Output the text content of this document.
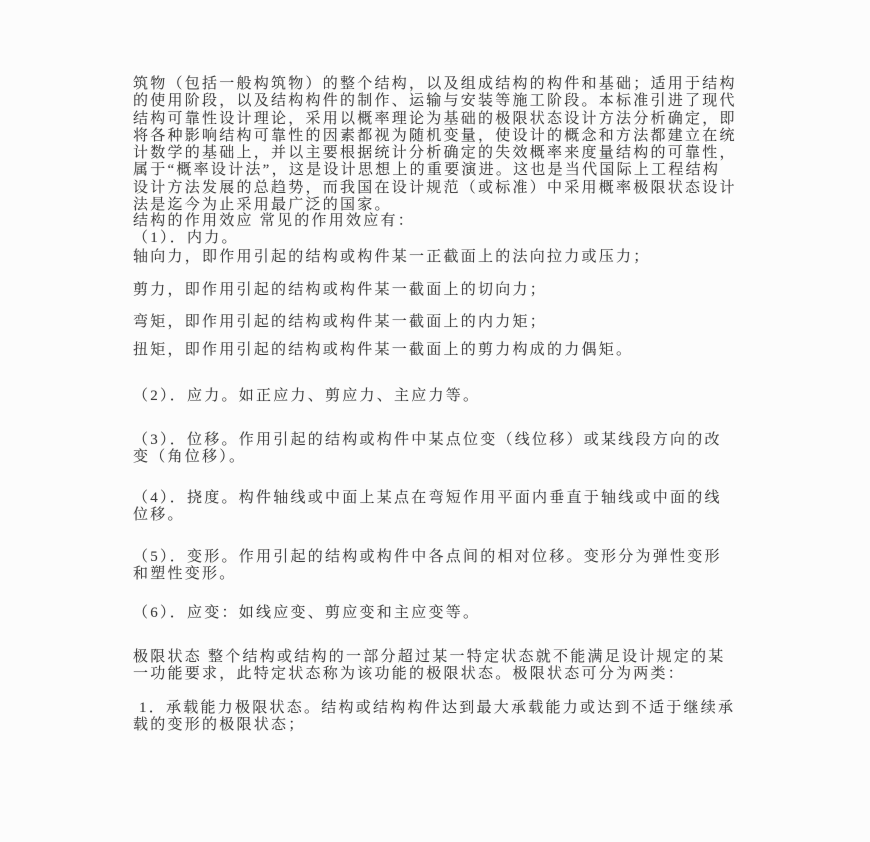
筑物（包括一般构筑物）的整个结构，以及组成结构的构件和基础；适用于结构
的使用阶段，以及结构构件的制作、运输与安装等施工阶段。本标准引进了现代
结构可靠性设计理论，采用以概率理论为基础的极限状态设计方法分析确定，即
将各种影响结构可靠性的因素都视为随机变量，使设计的概念和方法都建立在统
计数学的基础上，并以主要根据统计分析确定的失效概率来度量结构的可靠性，
属于“概率设计法”，这是设计思想上的重要演进。这也是当代国际上工程结构
设计方法发展的总趋势，而我国在设计规范（或标准）中采用概率极限状态设计
法是迄今为止采用最广泛的国家。
结构的作用效应 常见的作用效应有：
（1）．内力。
轴向力，即作用引起的结构或构件某一正截面上的法向拉力或压力；
剪力，即作用引起的结构或构件某一截面上的切向力；
弯矩，即作用引起的结构或构件某一截面上的内力矩；
扭矩，即作用引起的结构或构件某一截面上的剪力构成的力偶矩。
（2）．应力。如正应力、剪应力、主应力等。
（3）．位移。作用引起的结构或构件中某点位变（线位移）或某线段方向的改
变（角位移）。
（4）．挠度。构件轴线或中面上某点在弯短作用平面内垂直于轴线或中面的线
位移。
（5）．变形。作用引起的结构或构件中各点间的相对位移。变形分为弹性变形
和塑性变形。
（6）．应变：如线应变、剪应变和主应变等。
极限状态 整个结构或结构的一部分超过某一特定状态就不能满足设计规定的某
一功能要求，此特定状态称为该功能的极限状态。极限状态可分为两类：
1．承载能力极限状态。结构或结构构件达到最大承载能力或达到不适于继续承
载的变形的极限状态；
